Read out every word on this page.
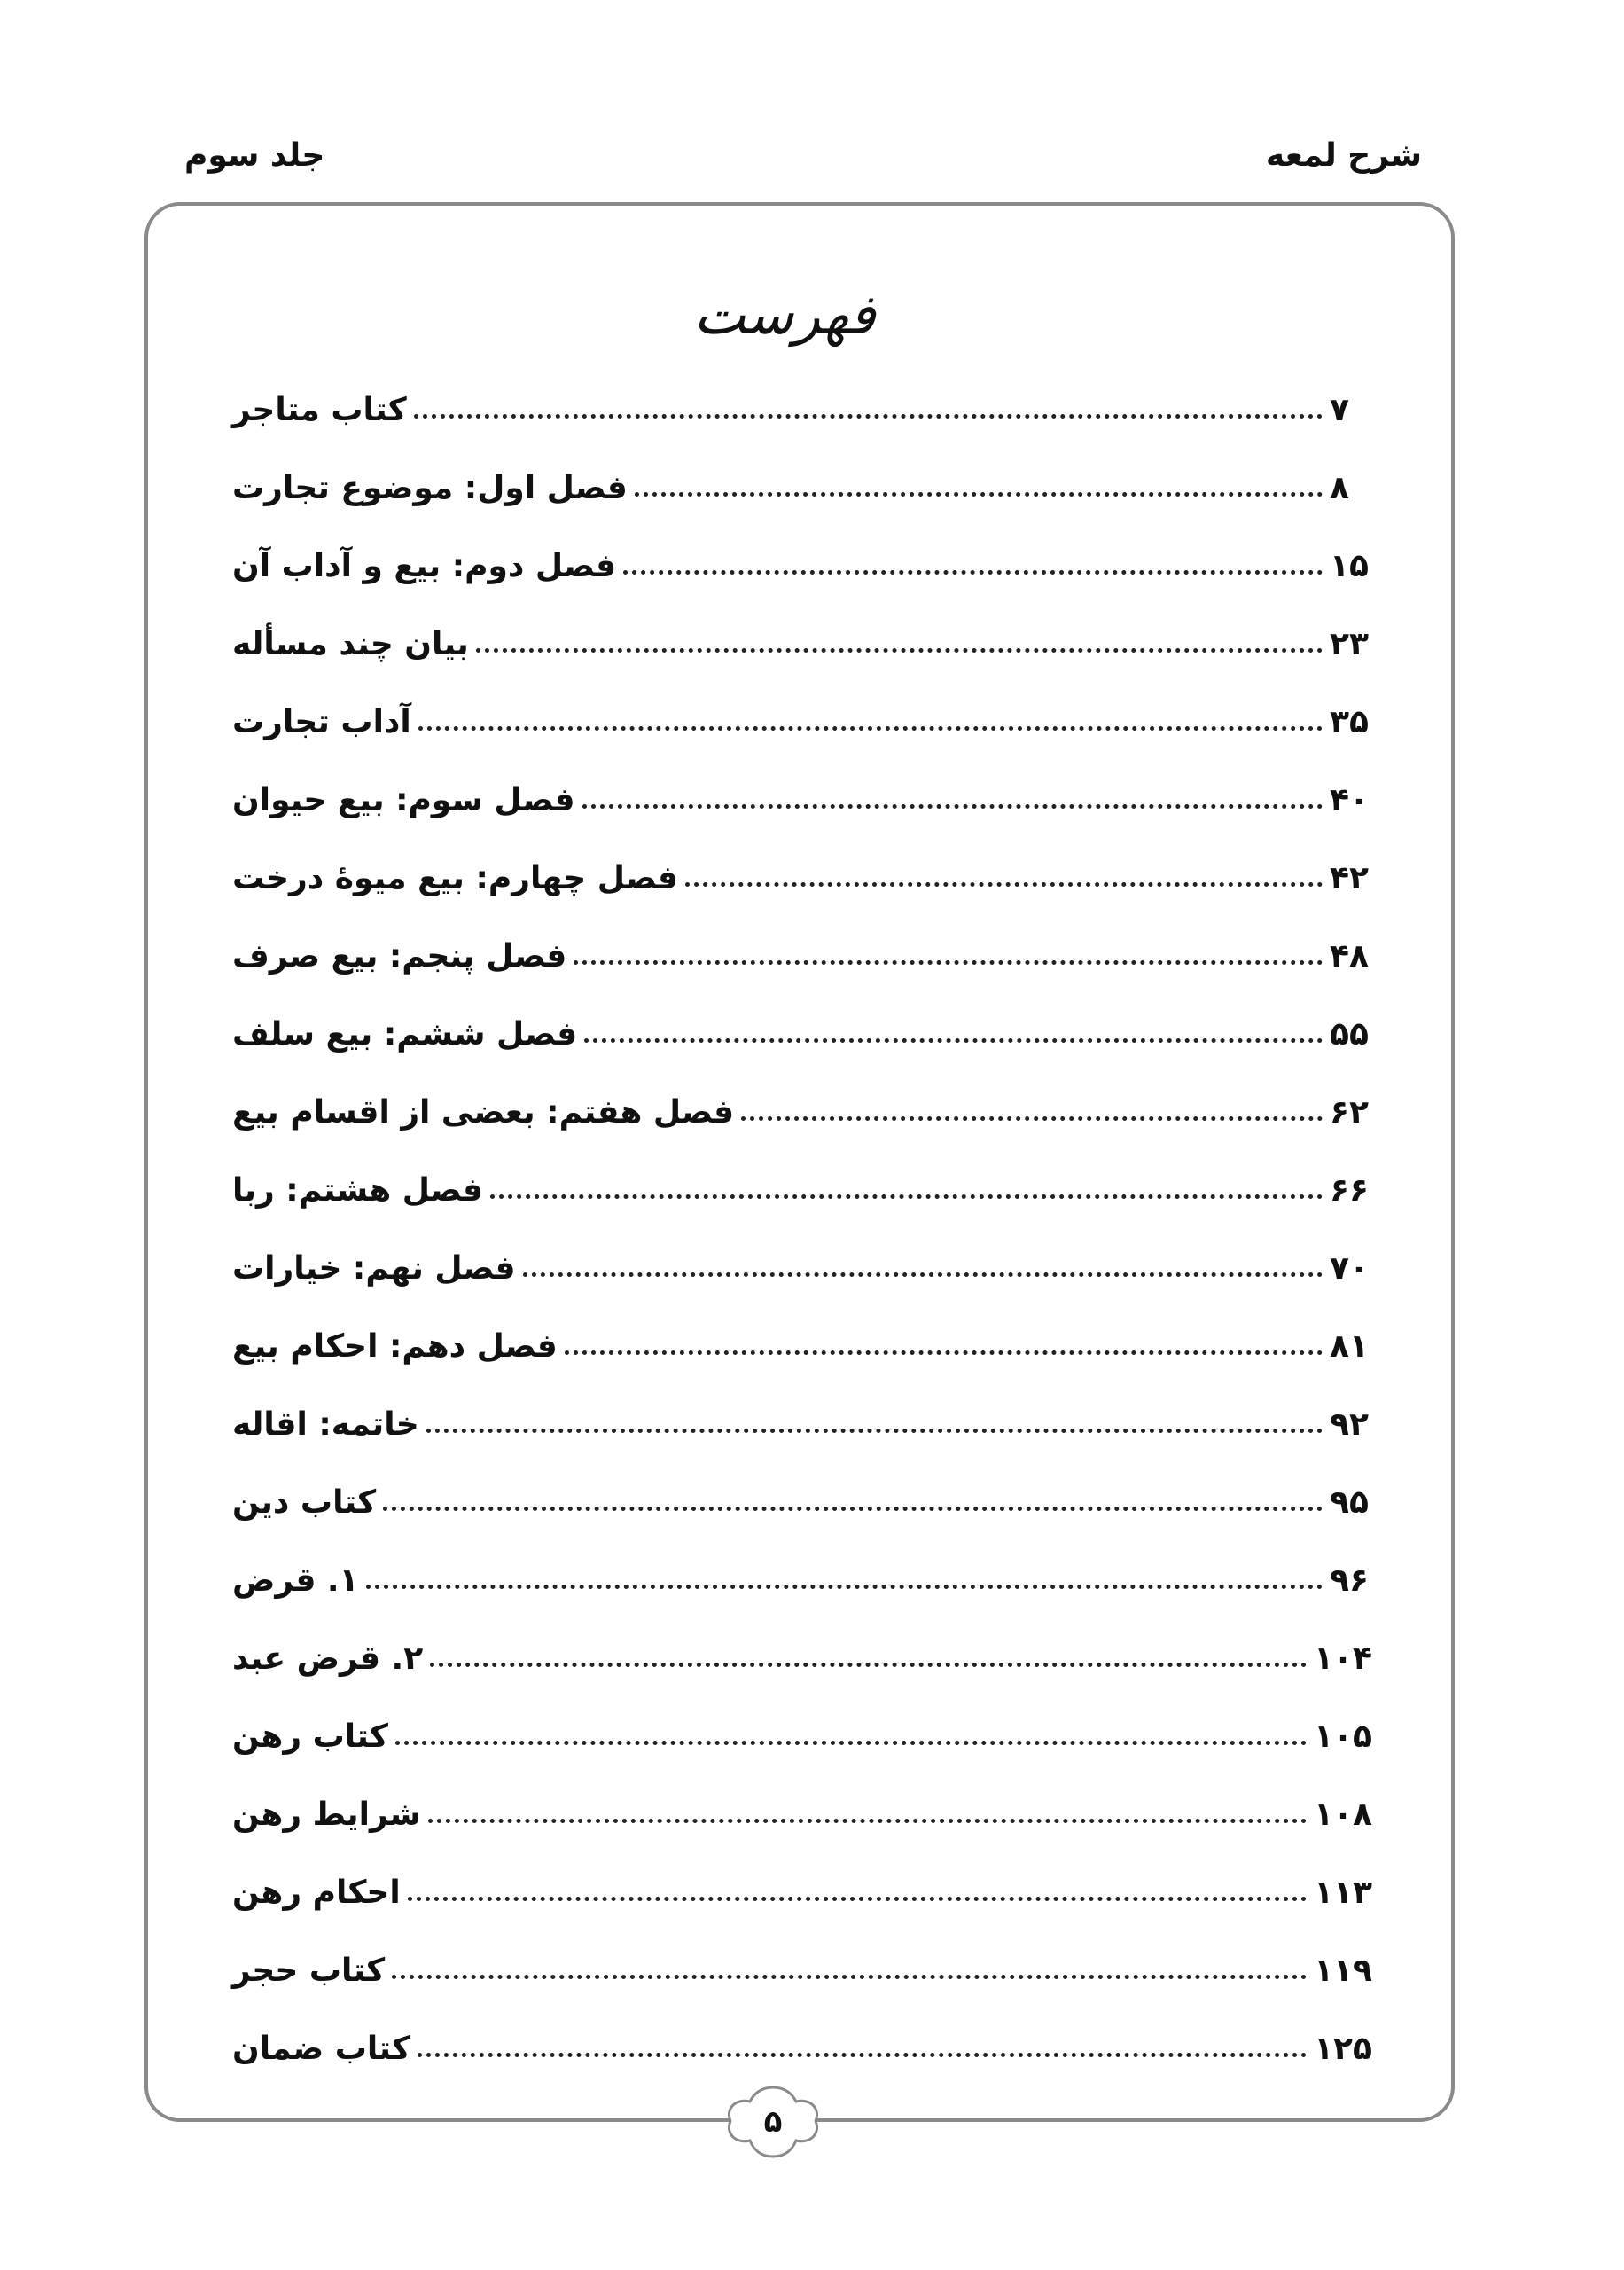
شرح لمعه
جلد سوم
فهرست
کتاب متاجر	۷
فصل اول: موضوع تجارت	۸
فصل دوم: بیع و آداب آن	۱۵
بیان چند مسأله	۲۳
آداب تجارت	۳۵
فصل سوم: بیع حیوان	۴۰
فصل چهارم: بیع میوهٔ درخت	۴۲
فصل پنجم: بیع صرف	۴۸
فصل ششم: بیع سلف	۵۵
فصل هفتم: بعضی از اقسام بیع	۶۲
فصل هشتم: ربا	۶۶
فصل نهم: خیارات	۷۰
فصل دهم: احکام بیع	۸۱
خاتمه: اقاله	۹۲
کتاب دین	۹۵
۱. قرض	۹۶
۲. قرض عبد	۱۰۴
کتاب رهن	۱۰۵
شرایط رهن	۱۰۸
احکام رهن	۱۱۳
کتاب حجر	۱۱۹
کتاب ضمان	۱۲۵
۵
